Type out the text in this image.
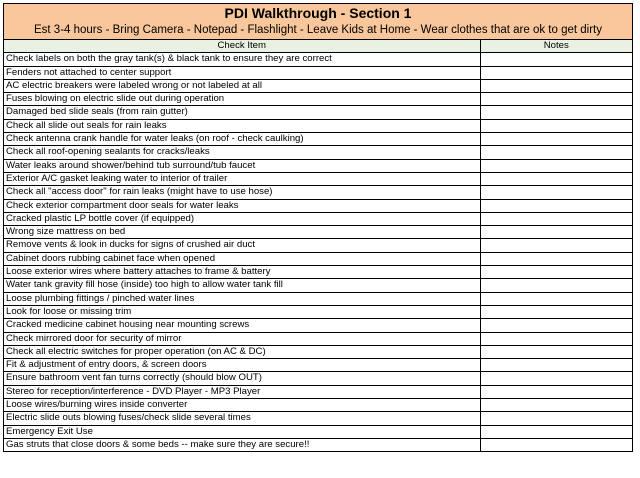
PDI Walkthrough - Section 1
Est 3-4 hours - Bring Camera - Notepad - Flashlight - Leave Kids at Home - Wear clothes that are ok to get dirty
Check Item	Notes
Check labels on both the gray tank(s) & black tank to ensure they are correct	
Fenders not attached to center support	
AC electric breakers were labeled wrong or not labeled at all	
Fuses blowing on electric slide out during operation	
Damaged bed slide seals (from rain gutter)	
Check all slide out seals for rain leaks	
Check antenna crank handle for water leaks (on roof - check caulking)	
Check all roof-opening sealants for cracks/leaks	
Water leaks around shower/behind tub surround/tub faucet	
Exterior A/C gasket leaking water to interior of trailer	
Check all "access door" for rain leaks (might have to use hose)	
Check exterior compartment door seals for water leaks	
Cracked plastic LP bottle cover (if equipped)	
Wrong size mattress on bed	
Remove vents & look in ducks for signs of crushed air duct	
Cabinet doors rubbing cabinet face when opened	
Loose exterior wires where battery attaches to frame & battery	
Water tank gravity fill hose (inside) too high to allow water tank fill	
Loose plumbing fittings / pinched water lines	
Look for loose or missing trim	
Cracked medicine cabinet housing near mounting screws	
Check mirrored door for security of mirror	
Check all electric switches for proper operation (on AC & DC)	
Fit & adjustment of entry doors, & screen doors	
Ensure bathroom vent fan turns correctly (should blow OUT)	
Stereo for reception/interference - DVD Player - MP3 Player	
Loose wires/burning wires inside converter	
Electric slide outs blowing fuses/check slide several times	
Emergency Exit Use	
Gas struts that close doors & some beds -- make sure they are secure!!	
